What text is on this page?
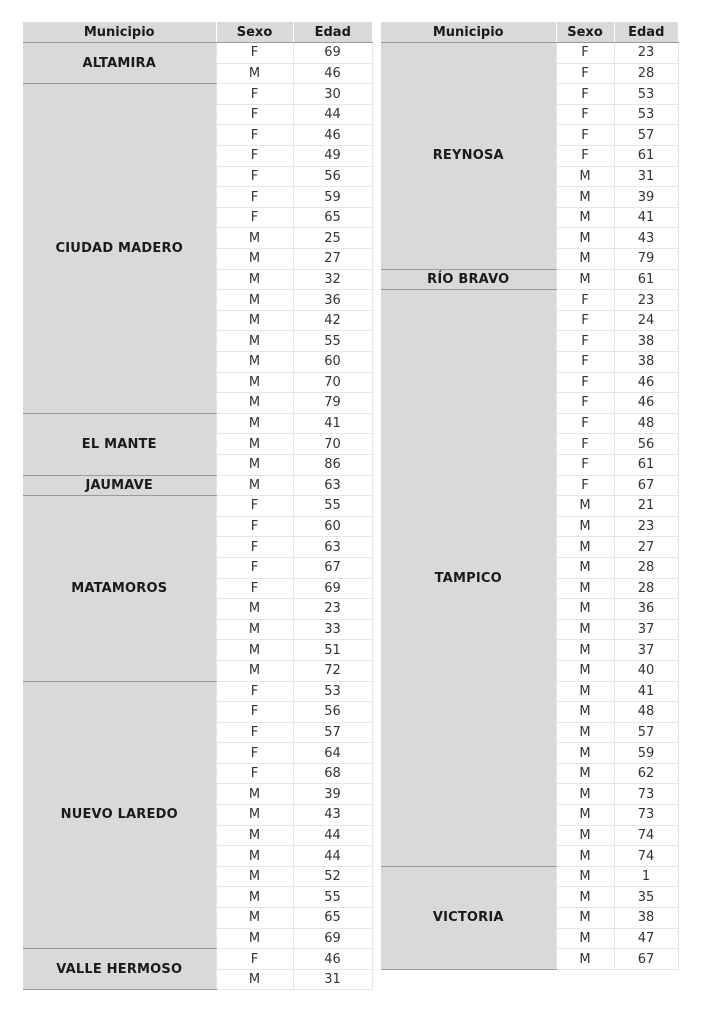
Municipio	Sexo	Edad
ALTAMIRA	F	69
	M	46
CIUDAD MADERO	F	30
	F	44
	F	46
	F	49
	F	56
	F	59
	F	65
	M	25
	M	27
	M	32
	M	36
	M	42
	M	55
	M	60
	M	70
	M	79
EL MANTE	M	41
	M	70
	M	86
JAUMAVE	M	63
MATAMOROS	F	55
	F	60
	F	63
	F	67
	F	69
	M	23
	M	33
	M	51
	M	72
NUEVO LAREDO	F	53
	F	56
	F	57
	F	64
	F	68
	M	39
	M	43
	M	44
	M	44
	M	52
	M	55
	M	65
	M	69
VALLE HERMOSO	F	46
	M	31
Municipio	Sexo	Edad
REYNOSA	F	23
	F	28
	F	53
	F	53
	F	57
	F	61
	M	31
	M	39
	M	41
	M	43
	M	79
RÍO BRAVO	M	61
TAMPICO	F	23
	F	24
	F	38
	F	38
	F	46
	F	46
	F	48
	F	56
	F	61
	F	67
	M	21
	M	23
	M	27
	M	28
	M	28
	M	36
	M	37
	M	37
	M	40
	M	41
	M	48
	M	57
	M	59
	M	62
	M	73
	M	73
	M	74
	M	74
VICTORIA	M	1
	M	35
	M	38
	M	47
	M	67
